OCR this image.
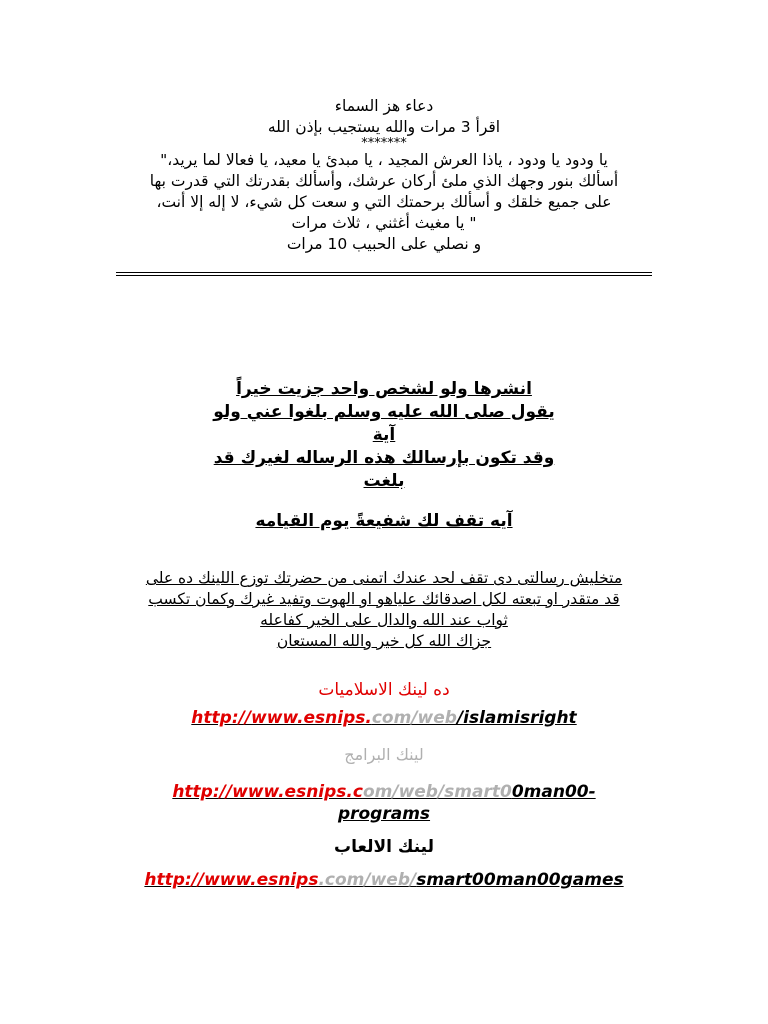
دعاء هز السماء
اقرأ 3 مرات والله يستجيب بإذن الله
*******
يا ودود يا ودود ، ياذا العرش المجيد ، يا مبدئ يا معيد، يا فعالا لما يريد،"
أسألك بنور وجهك الذي ملئ أركان عرشك، وأسألك بقدرتك التي قدرت بها
على جميع خلقك و أسألك برحمتك التي و سعت كل شيء، لا إله إلا أنت،
" يا مغيث أغثني ، ثلاث مرات
و نصلي على الحبيب 10 مرات
انشرها ولو لشخص واحد جزيت خيراً
يقول صلى الله عليه وسلم بلغوا عني ولو
آية
وقد تكون بإرسالك هذه الرساله لغيرك قد
بلغت
آيه تقف لك شفيعةً يوم القيامه
متخليش رسالتى دى تقف لحد عندك اتمنى من حضرتك توزع اللينك ده على
قد متقدر او تبعته لكل اصدقائك علياهو او الهوت وتفيد غيرك وكمان تكسب
ثواب عند الله والدال على الخير كفاعله
جزاك الله كل خير والله المستعان
ده لينك الاسلاميات
http://www.esnips.com/web/islamisright
لينك البرامج
http://www.esnips.com/web/smart00man00-
programs
لينك الالعاب
http://www.esnips.com/web/smart00man00games
